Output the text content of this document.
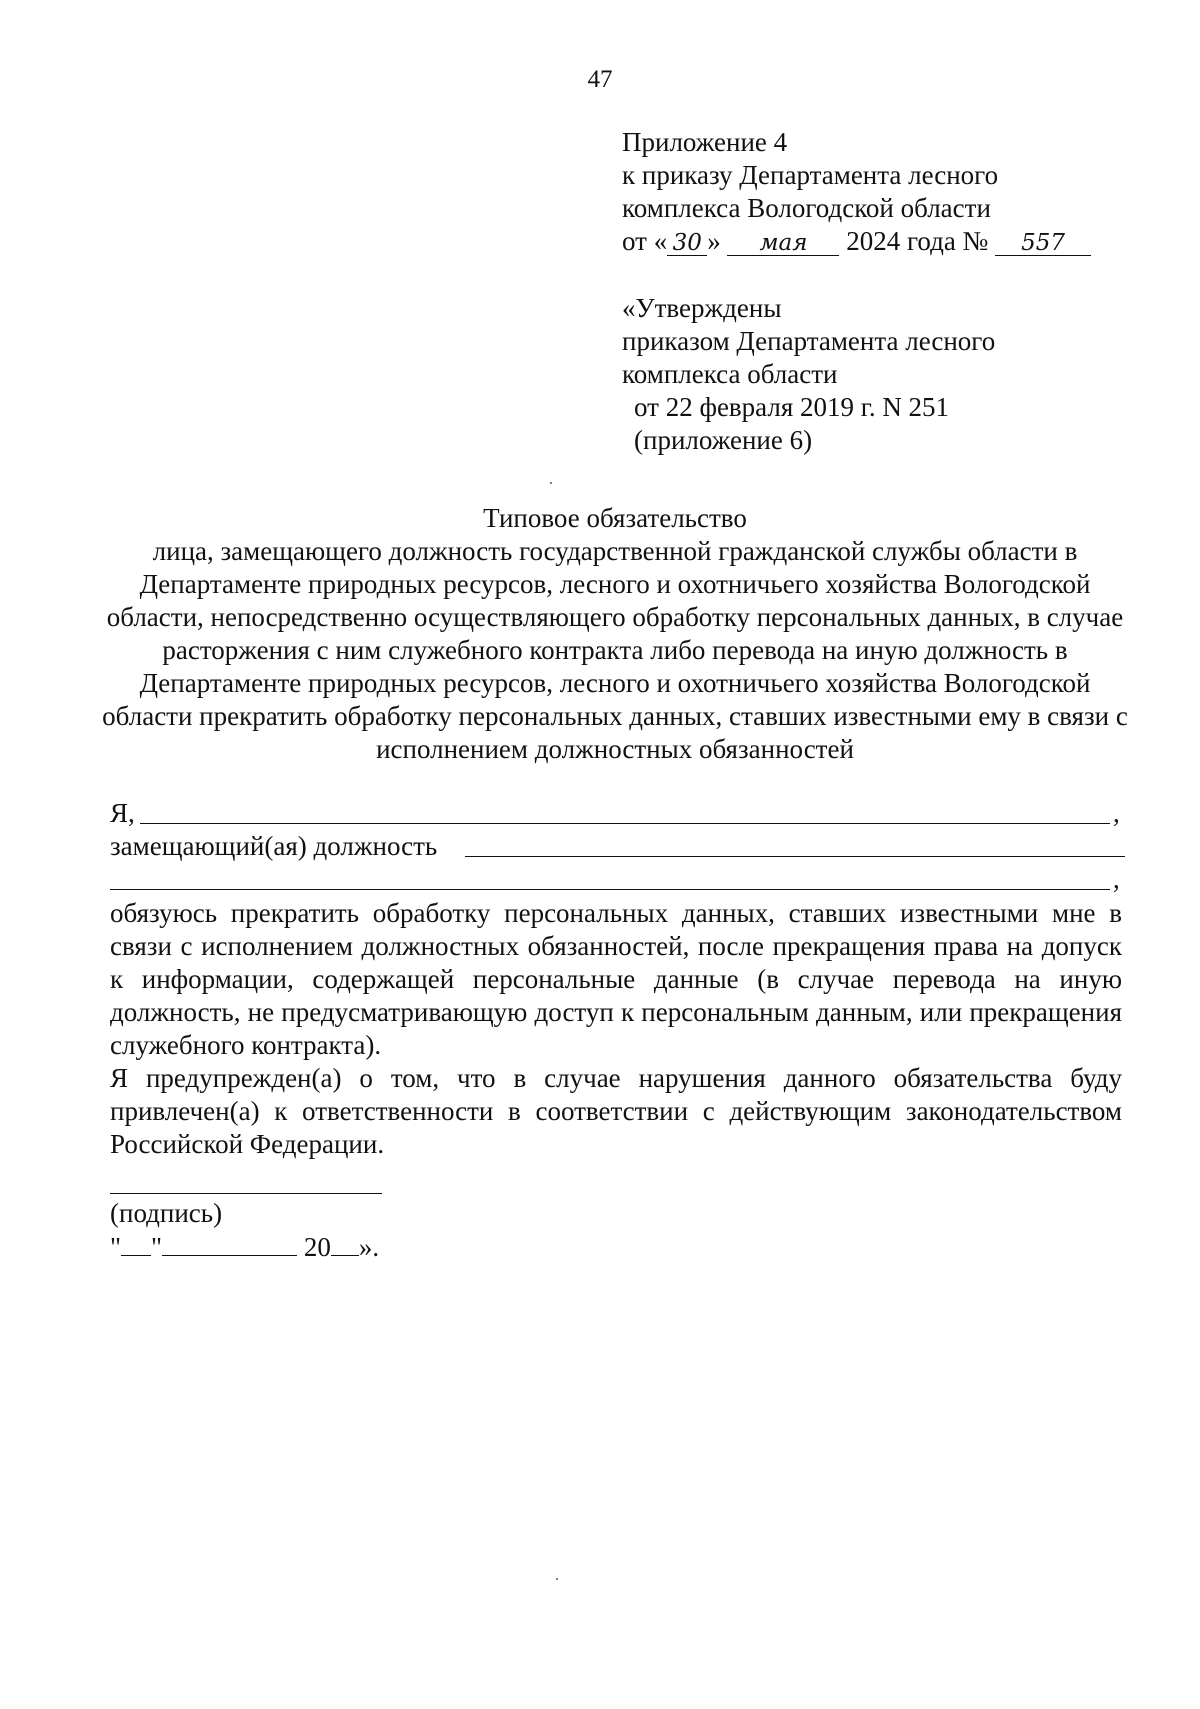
47
Приложение 4
к приказу Департамента лесного
комплекса Вологодской области
от « 30 » мая 2024 года № 557
«Утверждены
приказом Департамента лесного
комплекса области
от 22 февраля 2019 г. N 251
(приложение 6)
Типовое обязательство
лица, замещающего должность государственной гражданской службы области в Департаменте природных ресурсов, лесного и охотничьего хозяйства Вологодской области, непосредственно осуществляющего обработку персональных данных, в случае расторжения с ним служебного контракта либо перевода на иную должность в Департаменте природных ресурсов, лесного и охотничьего хозяйства Вологодской области прекратить обработку персональных данных, ставших известными ему в связи с исполнением должностных обязанностей
Я,	,
замещающий(ая) должность
,

обязуюсь прекратить обработку персональных данных, ставших известными мне в связи с исполнением должностных обязанностей, после прекращения права на допуск к информации, содержащей персональные данные (в случае перевода на иную должность, не предусматривающую доступ к персональным данным, или прекращения служебного контракта).

Я предупрежден(а) о том, что в случае нарушения данного обязательства буду привлечен(а) к ответственности в соответствии с действующим законодательством Российской Федерации.

(подпись)
" "	20 ».
